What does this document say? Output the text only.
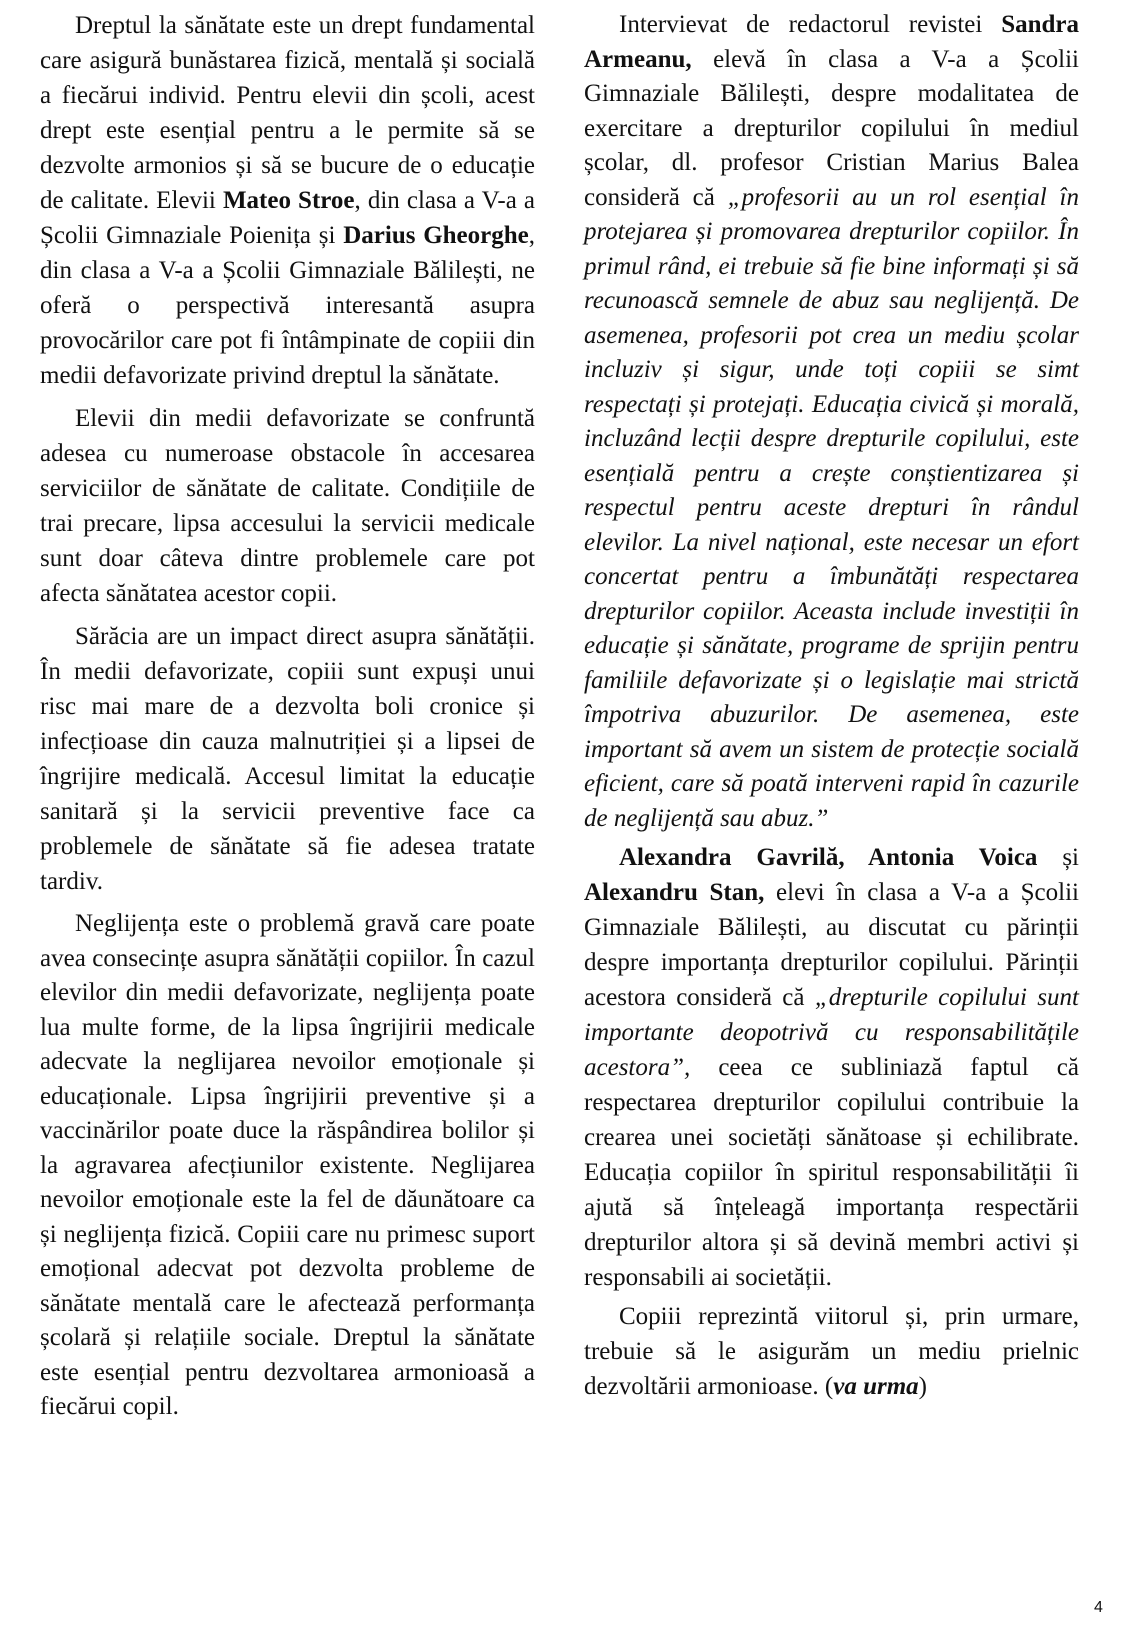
Dreptul la sănătate este un drept fundamental care asigură bunăstarea fizică, mentală și socială a fiecărui individ. Pentru elevii din școli, acest drept este esențial pentru a le permite să se dezvolte armonios și să se bucure de o educație de calitate. Elevii Mateo Stroe, din clasa a V-a a Școlii Gimnaziale Poienița și Darius Gheorghe, din clasa a V-a a Școlii Gimnaziale Bălilești, ne oferă o perspectivă interesantă asupra provocărilor care pot fi întâmpinate de copiii din medii defavorizate privind dreptul la sănătate.

Elevii din medii defavorizate se confruntă adesea cu numeroase obstacole în accesarea serviciilor de sănătate de calitate. Condițiile de trai precare, lipsa accesului la servicii medicale sunt doar câteva dintre problemele care pot afecta sănătatea acestor copii.

Sărăcia are un impact direct asupra sănătății. În medii defavorizate, copiii sunt expuși unui risc mai mare de a dezvolta boli cronice și infecțioase din cauza malnutriției și a lipsei de îngrijire medicală. Accesul limitat la educație sanitară și la servicii preventive face ca problemele de sănătate să fie adesea tratate tardiv.

Neglijența este o problemă gravă care poate avea consecințe asupra sănătății copiilor. În cazul elevilor din medii defavorizate, neglijența poate lua multe forme, de la lipsa îngrijirii medicale adecvate la neglijarea nevoilor emoționale și educaționale. Lipsa îngrijirii preventive și a vaccinărilor poate duce la răspândirea bolilor și la agravarea afecțiunilor existente. Neglijarea nevoilor emoționale este la fel de dăunătoare ca și neglijența fizică. Copiii care nu primesc suport emoțional adecvat pot dezvolta probleme de sănătate mentală care le afectează performanța școlară și relațiile sociale. Dreptul la sănătate este esențial pentru dezvoltarea armonioasă a fiecărui copil.

Intervievat de redactorul revistei Sandra Armeanu, elevă în clasa a V-a a Școlii Gimnaziale Bălilești, despre modalitatea de exercitare a drepturilor copilului în mediul școlar, dl. profesor Cristian Marius Balea consideră că „profesorii au un rol esențial în protejarea și promovarea drepturilor copiilor. În primul rând, ei trebuie să fie bine informați și să recunoască semnele de abuz sau neglijență. De asemenea, profesorii pot crea un mediu școlar incluziv și sigur, unde toți copiii se simt respectați și protejați. Educația civică și morală, incluzând lecții despre drepturile copilului, este esențială pentru a crește conștientizarea și respectul pentru aceste drepturi în rândul elevilor. La nivel național, este necesar un efort concertat pentru a îmbunătăți respectarea drepturilor copiilor. Aceasta include investiții în educație și sănătate, programe de sprijin pentru familiile defavorizate și o legislație mai strictă împotriva abuzurilor. De asemenea, este important să avem un sistem de protecție socială eficient, care să poată interveni rapid în cazurile de neglijență sau abuz.”

Alexandra Gavrilă, Antonia Voica și Alexandru Stan, elevi în clasa a V-a a Școlii Gimnaziale Bălilești, au discutat cu părinții despre importanța drepturilor copilului. Părinții acestora consideră că „drepturile copilului sunt importante deopotrivă cu responsabilitățile acestora”, ceea ce subliniază faptul că respectarea drepturilor copilului contribuie la crearea unei societăți sănătoase și echilibrate. Educația copiilor în spiritul responsabilității îi ajută să înțeleagă importanța respectării drepturilor altora și să devină membri activi și responsabili ai societății.

Copiii reprezintă viitorul și, prin urmare, trebuie să le asigurăm un mediu prielnic dezvoltării armonioase. (va urma)

4
